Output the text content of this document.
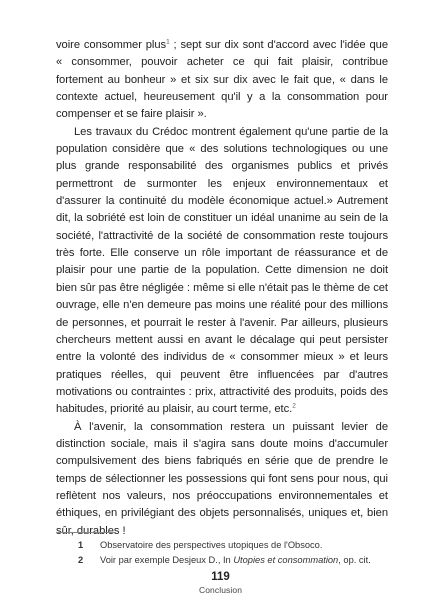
voire consommer plus$^1$ ; sept sur dix sont d'accord avec l'idée que « consommer, pouvoir acheter ce qui fait plaisir, contribue fortement au bonheur » et six sur dix avec le fait que, « dans le contexte actuel, heureusement qu'il y a la consommation pour compenser et se faire plaisir ».

Les travaux du Crédoc montrent également qu'une partie de la population considère que « des solutions technologiques ou une plus grande responsabilité des organismes publics et privés permettront de surmonter les enjeux environnementaux et d'assurer la continuité du modèle économique actuel.» Autrement dit, la sobriété est loin de constituer un idéal unanime au sein de la société, l'attractivité de la société de consommation reste toujours très forte. Elle conserve un rôle important de réassurance et de plaisir pour une partie de la population. Cette dimension ne doit bien sûr pas être négligée : même si elle n'était pas le thème de cet ouvrage, elle n'en demeure pas moins une réalité pour des millions de personnes, et pourrait le rester à l'avenir. Par ailleurs, plusieurs chercheurs mettent aussi en avant le décalage qui peut persister entre la volonté des individus de « consommer mieux » et leurs pratiques réelles, qui peuvent être influencées par d'autres motivations ou contraintes : prix, attractivité des produits, poids des habitudes, priorité au plaisir, au court terme, etc.$^2$

À l'avenir, la consommation restera un puissant levier de distinction sociale, mais il s'agira sans doute moins d'accumuler compulsivement des biens fabriqués en série que de prendre le temps de sélectionner les possessions qui font sens pour nous, qui reflètent nos valeurs, nos préoccupations environnementales et éthiques, en privilégiant des objets personnalisés, uniques et, bien sûr, durables !

1	Observatoire des perspectives utopiques de l'Obsoco.
2	Voir par exemple Desjeux D., In Utopies et consommation, op. cit.
119
Conclusion
